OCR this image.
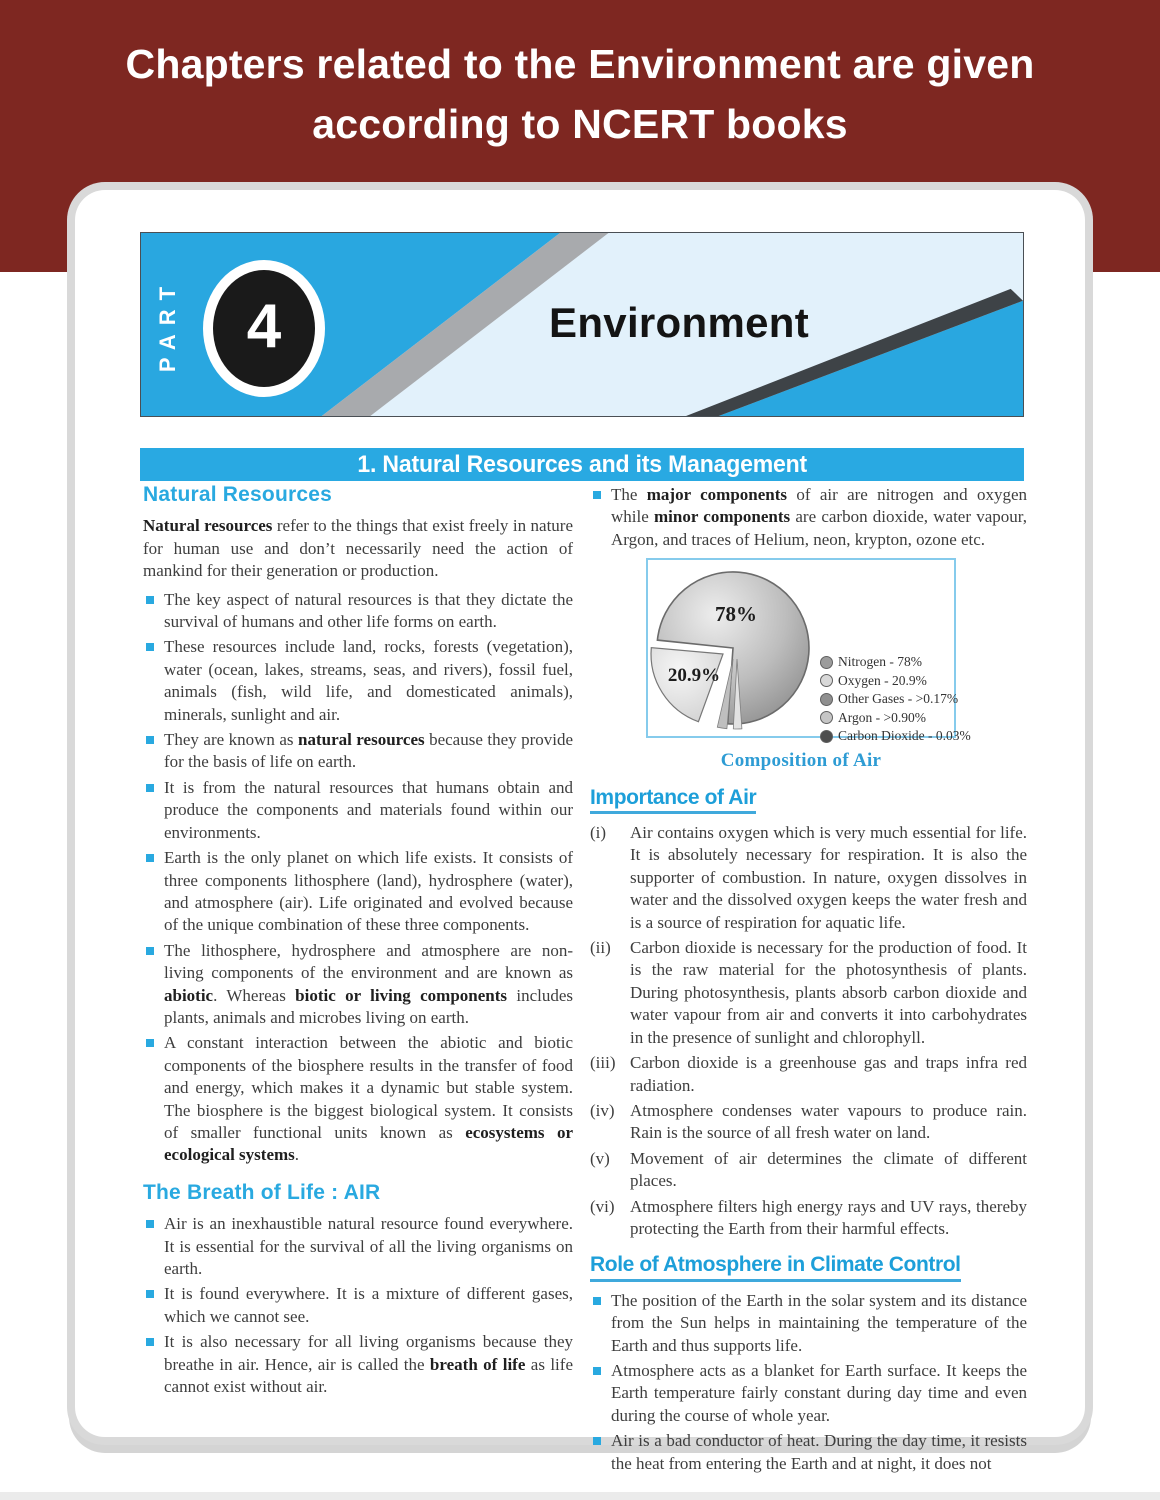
Chapters related to the Environment are given
according to NCERT books
PART 4	Environment
1. Natural Resources and its Management
Natural Resources

Natural resources refer to the things that exist freely in nature for human use and don’t necessarily need the action of mankind for their generation or production.

The key aspect of natural resources is that they dictate the survival of humans and other life forms on earth.
These resources include land, rocks, forests (vegetation), water (ocean, lakes, streams, seas, and rivers), fossil fuel, animals (fish, wild life, and domesticated animals), minerals, sunlight and air.
They are known as natural resources because they provide for the basis of life on earth.
It is from the natural resources that humans obtain and produce the components and materials found within our environments.
Earth is the only planet on which life exists. It consists of three components lithosphere (land), hydrosphere (water), and atmosphere (air). Life originated and evolved because of the unique combination of these three components.
The lithosphere, hydrosphere and atmosphere are non-living components of the environment and are known as abiotic. Whereas biotic or living components includes plants, animals and microbes living on earth.
A constant interaction between the abiotic and biotic components of the biosphere results in the transfer of food and energy, which makes it a dynamic but stable system. The biosphere is the biggest biological system. It consists of smaller functional units known as ecosystems or ecological systems.
The Breath of Life : AIR
Air is an inexhaustible natural resource found everywhere. It is essential for the survival of all the living organisms on earth.
It is found everywhere. It is a mixture of different gases, which we cannot see.
It is also necessary for all living organisms because they breathe in air. Hence, air is called the breath of life as life cannot exist without air.
The major components of air are nitrogen and oxygen while minor components are carbon dioxide, water vapour, Argon, and traces of Helium, neon, krypton, ozone etc.
78%
20.9%
Nitrogen - 78%
Oxygen - 20.9%
Other Gases - >0.17%
Argon - >0.90%
Carbon Dioxide - 0.03%
Composition of Air
Importance of Air
(i)	Air contains oxygen which is very much essential for life. It is absolutely necessary for respiration. It is also the supporter of combustion. In nature, oxygen dissolves in water and the dissolved oxygen keeps the water fresh and is a source of respiration for aquatic life.
(ii)	Carbon dioxide is necessary for the production of food. It is the raw material for the photosynthesis of plants. During photosynthesis, plants absorb carbon dioxide and water vapour from air and converts it into carbohydrates in the presence of sunlight and chlorophyll.
(iii) Carbon dioxide is a greenhouse gas and traps infra red radiation.
(iv) Atmosphere condenses water vapours to produce rain. Rain is the source of all fresh water on land.
(v)	Movement of air determines the climate of different places.
(vi) Atmosphere filters high energy rays and UV rays, thereby protecting the Earth from their harmful effects.
Role of Atmosphere in Climate Control
The position of the Earth in the solar system and its distance from the Sun helps in maintaining the temperature of the Earth and thus supports life.
Atmosphere acts as a blanket for Earth surface. It keeps the Earth temperature fairly constant during day time and even during the course of whole year.
Air is a bad conductor of heat. During the day time, it resists the heat from entering the Earth and at night, it does not
